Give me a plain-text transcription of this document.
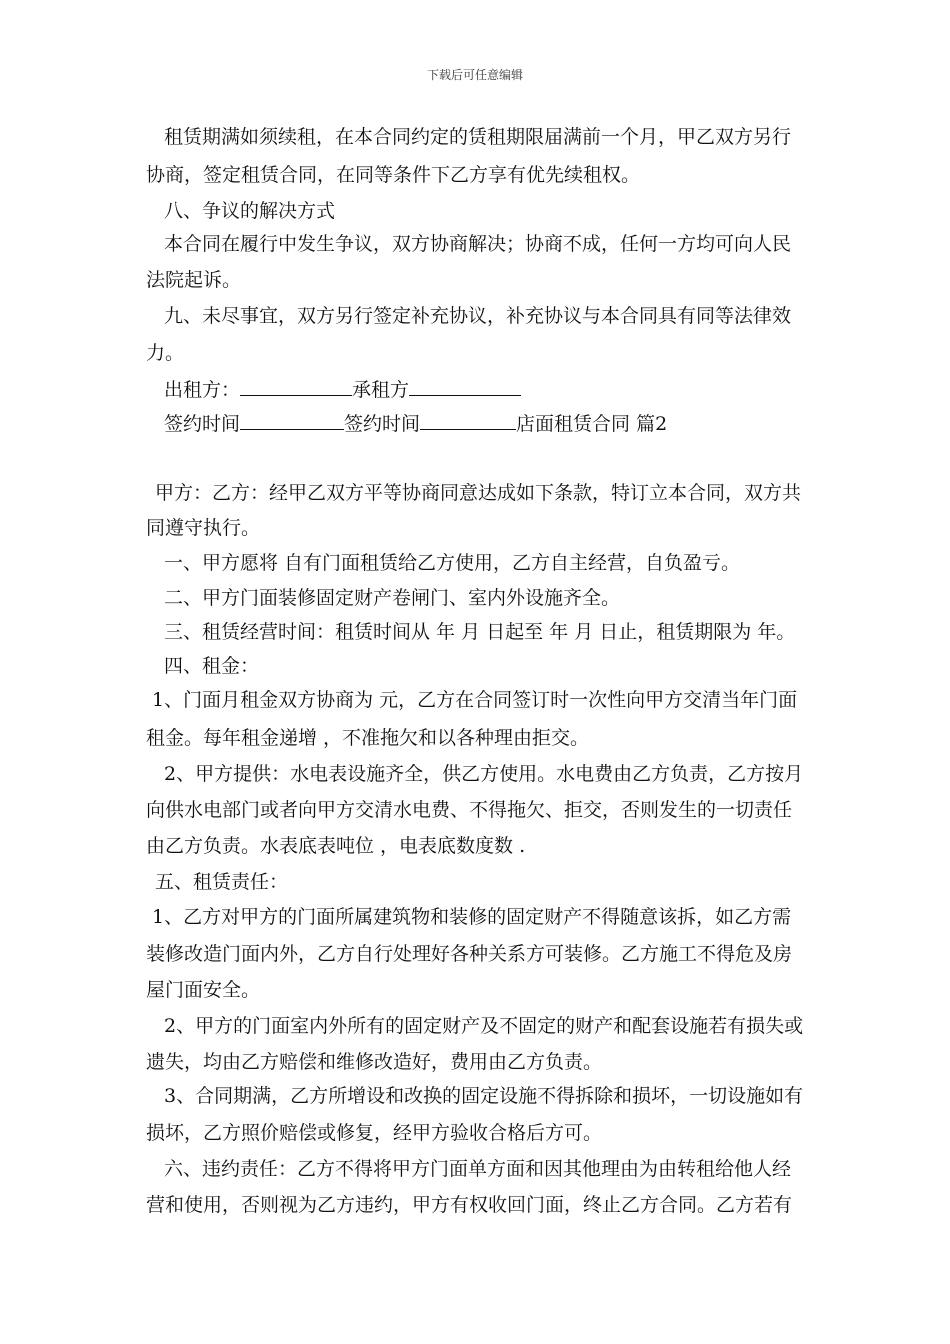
下载后可任意编辑
租赁期满如须续租，在本合同约定的赁租期限届满前一个月，甲乙双方另行
协商，签定租赁合同，在同等条件下乙方享有优先续租权。
八、争议的解决方式
本合同在履行中发生争议，双方协商解决；协商不成，任何一方均可向人民
法院起诉。
九、未尽事宜，双方另行签定补充协议，补充协议与本合同具有同等法律效
力。
出租方：	承租方
签约时间	签约时间	店面租赁合同 篇2
甲方：乙方：经甲乙双方平等协商同意达成如下条款，特订立本合同，双方共
同遵守执行。
一、甲方愿将 自有门面租赁给乙方使用，乙方自主经营，自负盈亏。
二、甲方门面装修固定财产卷闸门、室内外设施齐全。
三、租赁经营时间：租赁时间从 年 月 日起至 年 月 日止，租赁期限为 年。
四、租金：
1、门面月租金双方协商为 元，乙方在合同签订时一次性向甲方交清当年门面
租金。每年租金递增 ，不准拖欠和以各种理由拒交。
2、甲方提供：水电表设施齐全，供乙方使用。水电费由乙方负责，乙方按月
向供水电部门或者向甲方交清水电费、不得拖欠、拒交，否则发生的一切责任
由乙方负责。水表底表吨位 ，电表底数度数 .
五、租赁责任：
1、乙方对甲方的门面所属建筑物和装修的固定财产不得随意该拆，如乙方需
装修改造门面内外，乙方自行处理好各种关系方可装修。乙方施工不得危及房
屋门面安全。
2、甲方的门面室内外所有的固定财产及不固定的财产和配套设施若有损失或
遗失，均由乙方赔偿和维修改造好，费用由乙方负责。
3、合同期满，乙方所增设和改换的固定设施不得拆除和损坏，一切设施如有
损坏，乙方照价赔偿或修复，经甲方验收合格后方可。
六、违约责任：乙方不得将甲方门面单方面和因其他理由为由转租给他人经
营和使用，否则视为乙方违约，甲方有权收回门面，终止乙方合同。乙方若有
